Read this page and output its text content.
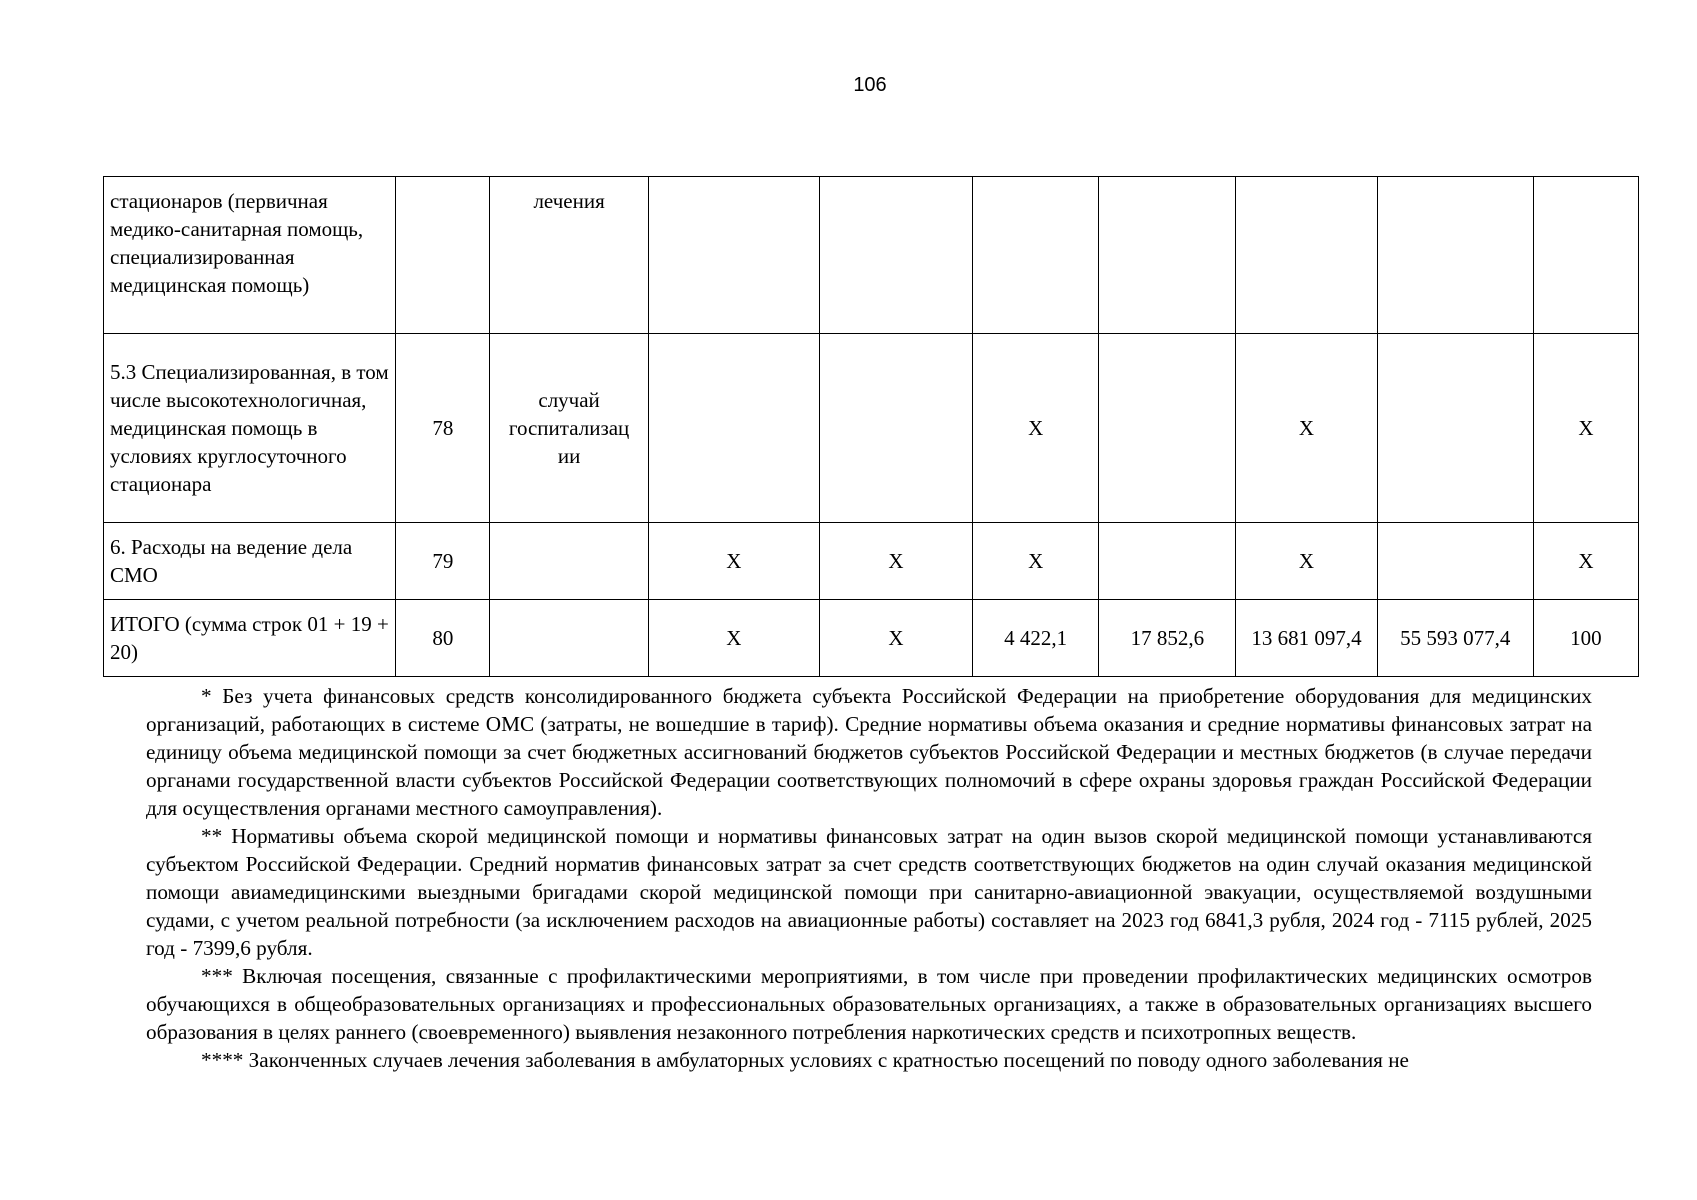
106
стационаров (первичная медико-санитарная помощь, специализированная медицинская помощь)		лечения							
5.3 Специализированная, в том числе высокотехнологичная, медицинская помощь в условиях круглосуточного стационара	78	случай госпитализац ии			X		X		X
6. Расходы на ведение дела СМО	79		X	X	X		X		X
ИТОГО (сумма строк 01 + 19 + 20)	80		X	X	4 422,1	17 852,6	13 681 097,4	55 593 077,4	100

* Без учета финансовых средств консолидированного бюджета субъекта Российской Федерации на приобретение оборудования для медицинских организаций, работающих в системе ОМС (затраты, не вошедшие в тариф). Средние нормативы объема оказания и средние нормативы финансовых затрат на единицу объема медицинской помощи за счет бюджетных ассигнований бюджетов субъектов Российской Федерации и местных бюджетов (в случае передачи органами государственной власти субъектов Российской Федерации соответствующих полномочий в сфере охраны здоровья граждан Российской Федерации для осуществления органами местного самоуправления).

** Нормативы объема скорой медицинской помощи и нормативы финансовых затрат на один вызов скорой медицинской помощи устанавливаются субъектом Российской Федерации. Средний норматив финансовых затрат за счет средств соответствующих бюджетов на один случай оказания медицинской помощи авиамедицинскими выездными бригадами скорой медицинской помощи при санитарно-авиационной эвакуации, осуществляемой воздушными судами, с учетом реальной потребности (за исключением расходов на авиационные работы) составляет на 2023 год 6841,3 рубля, 2024 год - 7115 рублей, 2025 год - 7399,6 рубля.

*** Включая посещения, связанные с профилактическими мероприятиями, в том числе при проведении профилактических медицинских осмотров обучающихся в общеобразовательных организациях и профессиональных образовательных организациях, а также в образовательных организациях высшего образования в целях раннего (своевременного) выявления незаконного потребления наркотических средств и психотропных веществ.

**** Законченных случаев лечения заболевания в амбулаторных условиях с кратностью посещений по поводу одного заболевания не
